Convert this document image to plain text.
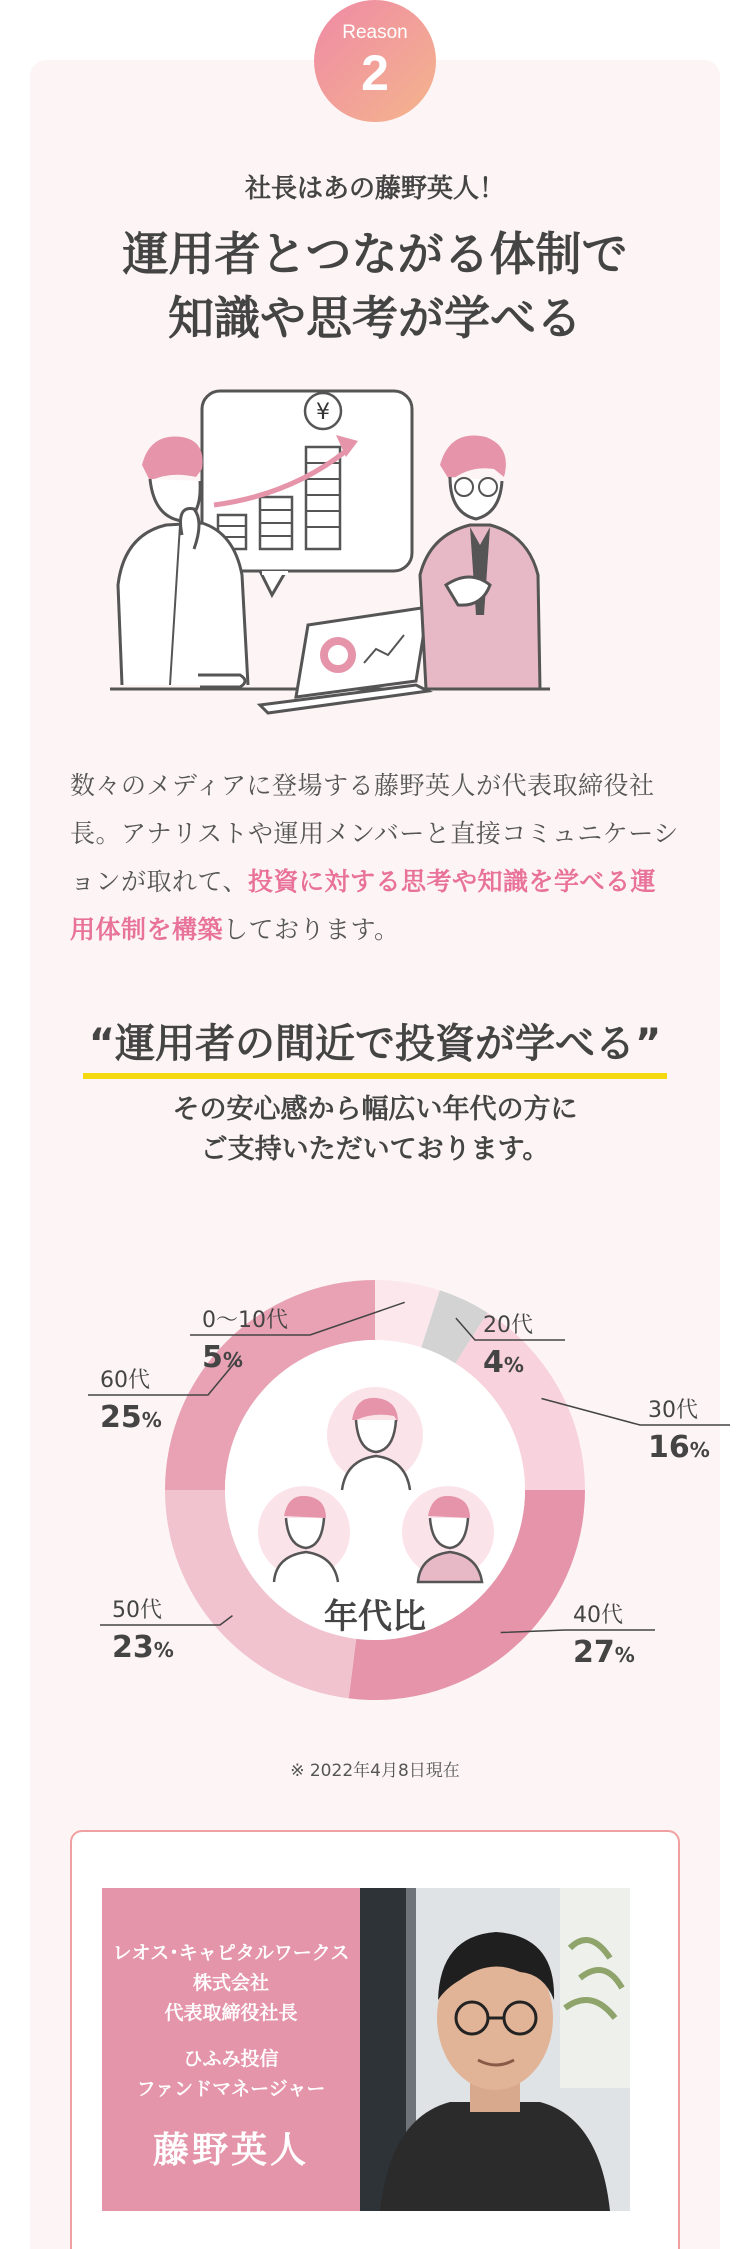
Reason
2
社長はあの藤野英人！
運用者とつながる体制で
知識や思考が学べる
¥
数々のメディアに登場する藤野英人が代表取締役社長。アナリストや運用メンバーと直接コミュニケーションが取れて、投資に対する思考や知識を学べる運用体制を構築しております。
“運用者の間近で投資が学べる”
その安心感から幅広い年代の方に
ご支持いただいております。
年代比
0〜10代
5%
20代
4%
30代
16%
40代
27%
50代
23%
60代
25%
※ 2022年4月8日現在
レオス･キャピタルワークス
株式会社
代表取締役社長
ひふみ投信
ファンドマネージャー
藤野英人
